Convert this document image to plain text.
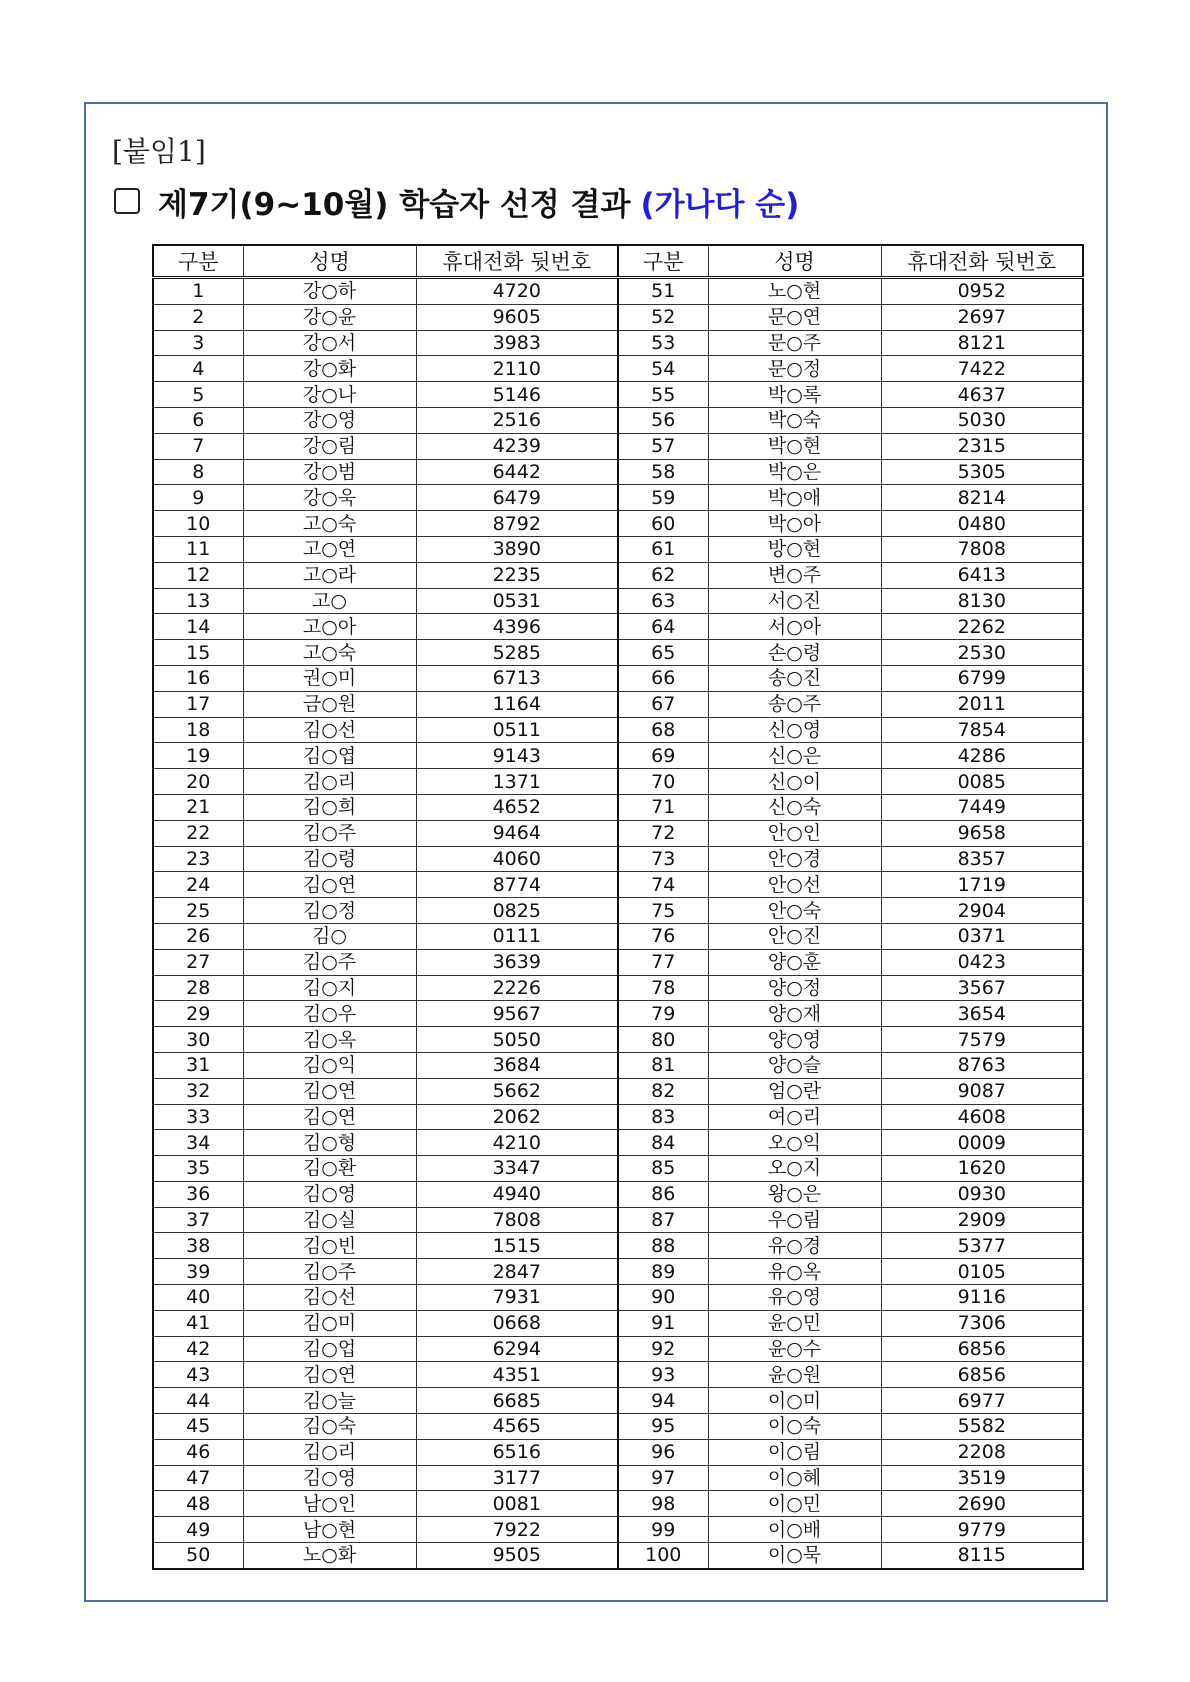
[붙임1]
제7기(9~10월) 학습자 선정 결과 (가나다 순)
구분	성명	휴대전화 뒷번호	구분	성명	휴대전화 뒷번호
1	강○하	4720	51	노○현	0952
2	강○윤	9605	52	문○연	2697
3	강○서	3983	53	문○주	8121
4	강○화	2110	54	문○정	7422
5	강○나	5146	55	박○록	4637
6	강○영	2516	56	박○숙	5030
7	강○림	4239	57	박○현	2315
8	강○범	6442	58	박○은	5305
9	강○욱	6479	59	박○애	8214
10	고○숙	8792	60	박○아	0480
11	고○연	3890	61	방○현	7808
12	고○라	2235	62	변○주	6413
13	고○	0531	63	서○진	8130
14	고○아	4396	64	서○아	2262
15	고○숙	5285	65	손○령	2530
16	권○미	6713	66	송○진	6799
17	금○원	1164	67	송○주	2011
18	김○선	0511	68	신○영	7854
19	김○엽	9143	69	신○은	4286
20	김○리	1371	70	신○이	0085
21	김○희	4652	71	신○숙	7449
22	김○주	9464	72	안○인	9658
23	김○령	4060	73	안○경	8357
24	김○연	8774	74	안○선	1719
25	김○정	0825	75	안○숙	2904
26	김○	0111	76	안○진	0371
27	김○주	3639	77	양○훈	0423
28	김○지	2226	78	양○정	3567
29	김○우	9567	79	양○재	3654
30	김○옥	5050	80	양○영	7579
31	김○익	3684	81	양○슬	8763
32	김○연	5662	82	엄○란	9087
33	김○연	2062	83	여○리	4608
34	김○형	4210	84	오○익	0009
35	김○환	3347	85	오○지	1620
36	김○영	4940	86	왕○은	0930
37	김○실	7808	87	우○림	2909
38	김○빈	1515	88	유○경	5377
39	김○주	2847	89	유○옥	0105
40	김○선	7931	90	유○영	9116
41	김○미	0668	91	윤○민	7306
42	김○업	6294	92	윤○수	6856
43	김○연	4351	93	윤○원	6856
44	김○늘	6685	94	이○미	6977
45	김○숙	4565	95	이○숙	5582
46	김○리	6516	96	이○림	2208
47	김○영	3177	97	이○혜	3519
48	남○인	0081	98	이○민	2690
49	남○현	7922	99	이○배	9779
50	노○화	9505	100	이○묵	8115
